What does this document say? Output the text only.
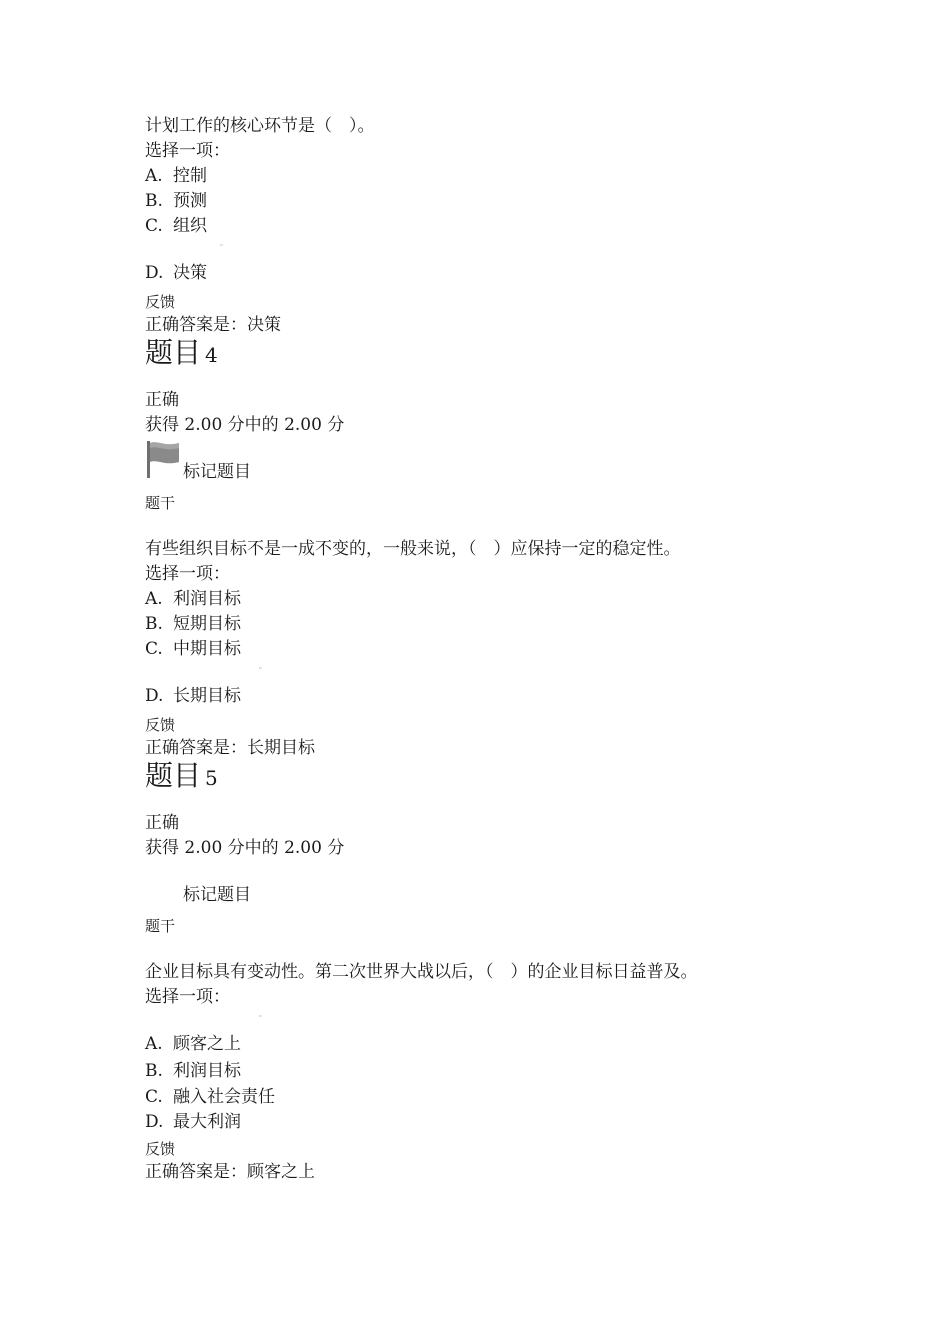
计划工作的核心环节是（　）。
选择一项：
A. 控制
B. 预测
C. 组织
▫
D. 决策
反馈
正确答案是：决策
题目 4
正确
获得 2.00 分中的 2.00 分
标记题目
题干
有些组织目标不是一成不变的，一般来说，（　）应保持一定的稳定性。
选择一项：
A. 利润目标
B. 短期目标
C. 中期目标
▫
D. 长期目标
反馈
正确答案是：长期目标
题目 5
正确
获得 2.00 分中的 2.00 分
标记题目
题干
企业目标具有变动性。第二次世界大战以后，（　）的企业目标日益普及。
选择一项：
▫
A. 顾客之上
B. 利润目标
C. 融入社会责任
D. 最大利润
反馈
正确答案是：顾客之上
